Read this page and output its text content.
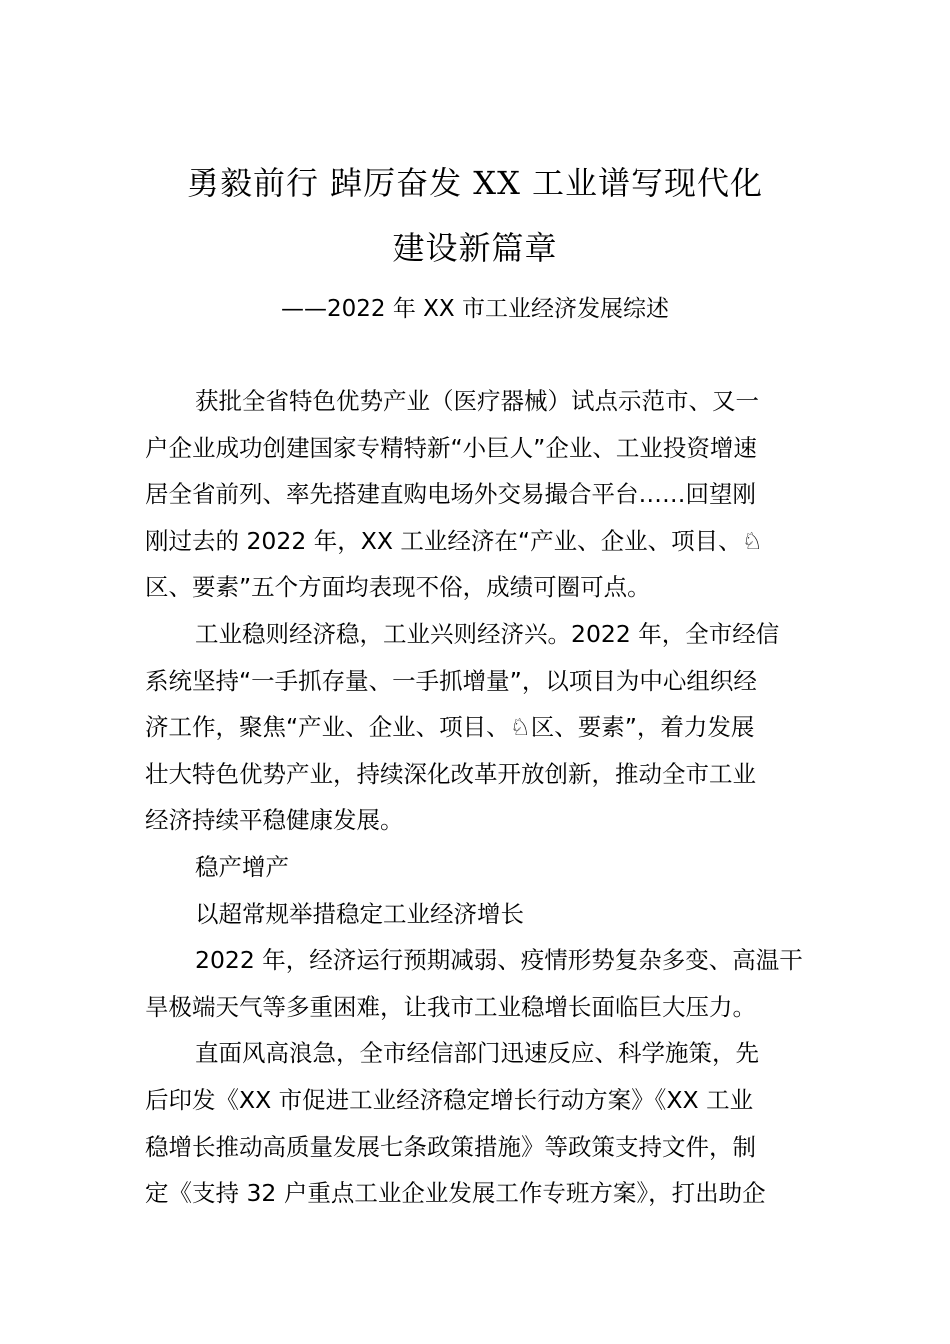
勇毅前行 踔厉奋发 XX 工业谱写现代化
建设新篇章
——2022 年 XX 市工业经济发展综述
获批全省特色优势产业（医疗器械）试点示范市、又一
户企业成功创建国家专精特新“小巨人”企业、工业投资增速
居全省前列、率先搭建直购电场外交易撮合平台……回望刚
刚过去的 2022 年，XX 工业经济在“产业、企业、项目、♘
区、要素”五个方面均表现不俗，成绩可圈可点。
工业稳则经济稳，工业兴则经济兴。2022 年，全市经信
系统坚持“一手抓存量、一手抓增量”，以项目为中心组织经
济工作，聚焦“产业、企业、项目、♘区、要素”，着力发展
壮大特色优势产业，持续深化改革开放创新，推动全市工业
经济持续平稳健康发展。
稳产增产
以超常规举措稳定工业经济增长
2022 年，经济运行预期减弱、疫情形势复杂多变、高温干
旱极端天气等多重困难，让我市工业稳增长面临巨大压力。
直面风高浪急，全市经信部门迅速反应、科学施策，先
后印发《XX 市促进工业经济稳定增长行动方案》《XX 工业
稳增长推动高质量发展七条政策措施》等政策支持文件，制
定《支持 32 户重点工业企业发展工作专班方案》，打出助企
